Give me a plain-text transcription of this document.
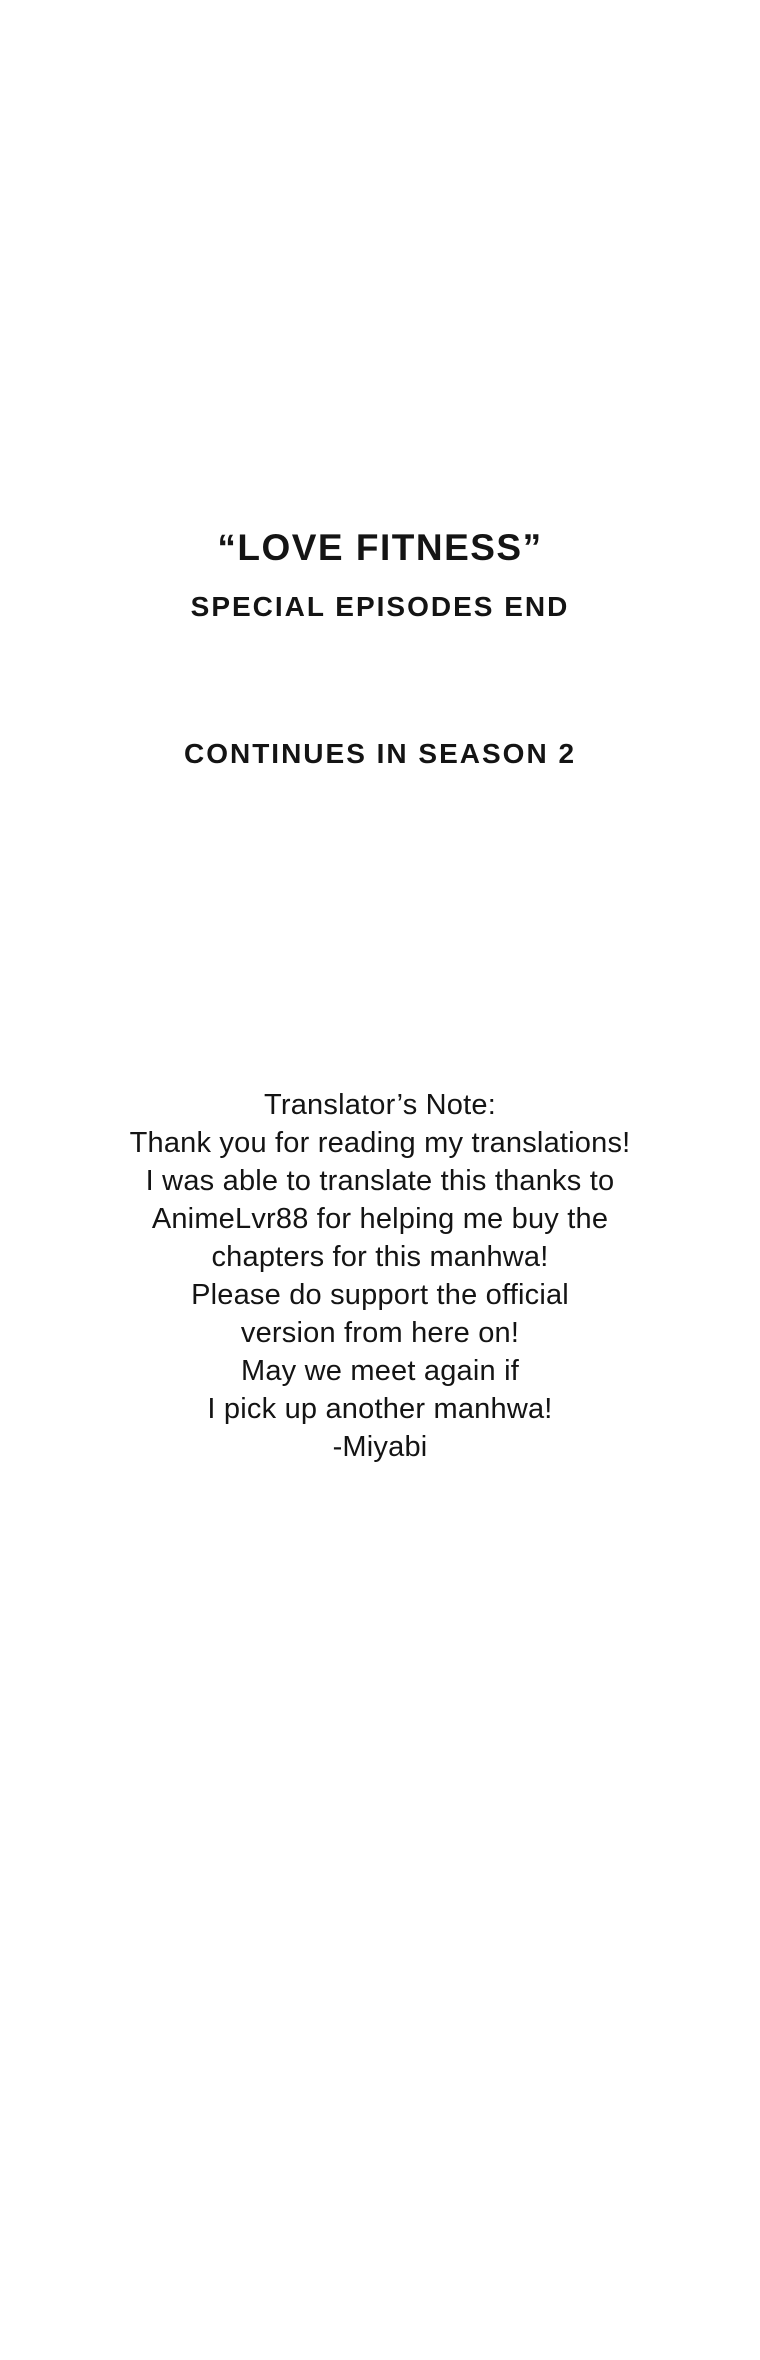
“LOVE FITNESS”
SPECIAL EPISODES END
CONTINUES IN SEASON 2

Translator’s Note:
Thank you for reading my translations!
I was able to translate this thanks to
AnimeLvr88 for helping me buy the
chapters for this manhwa!

Please do support the official
version from here on!

May we meet again if
I pick up another manhwa!

-Miyabi
